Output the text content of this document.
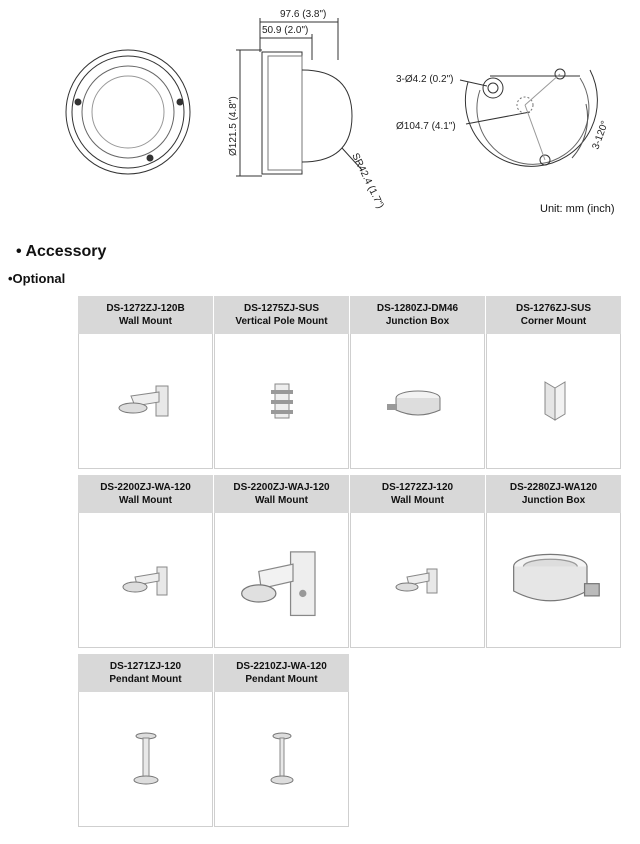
97.6 (3.8")
50.9 (2.0")
Ø121.5 (4.8")
SR42.4 (1.7")
3-Ø4.2 (0.2")
Ø104.7 (4.1")	3-120°
Unit: mm (inch)
• Accessory
•Optional
DS-1272ZJ-120B
Wall Mount
DS-1275ZJ-SUS
Vertical Pole Mount
DS-1280ZJ-DM46
Junction Box
DS-1276ZJ-SUS
Corner Mount
DS-2200ZJ-WA-120
Wall Mount
DS-2200ZJ-WAJ-120
Wall Mount
DS-1272ZJ-120
Wall Mount
DS-2280ZJ-WA120
Junction Box
DS-1271ZJ-120
Pendant Mount
DS-2210ZJ-WA-120
Pendant Mount
